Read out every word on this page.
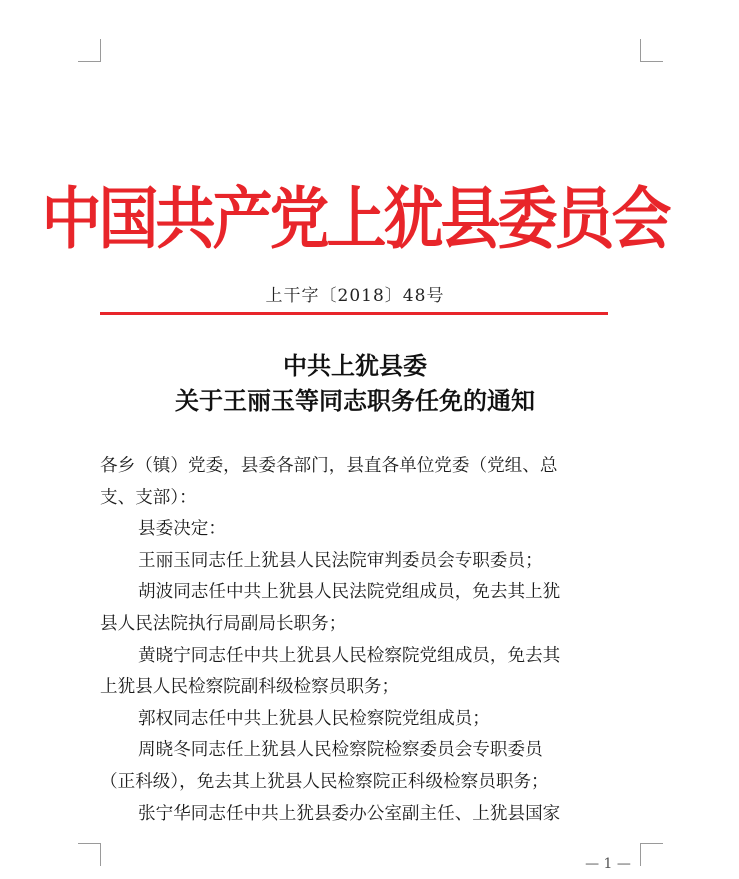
中国共产党上犹县委员会
上干字〔2018〕48号
中共上犹县委
关于王丽玉等同志职务任免的通知

各乡（镇）党委，县委各部门，县直各单位党委（党组、总

支、支部）：

县委决定：

王丽玉同志任上犹县人民法院审判委员会专职委员；

胡波同志任中共上犹县人民法院党组成员，免去其上犹

县人民法院执行局副局长职务；

黄晓宁同志任中共上犹县人民检察院党组成员，免去其

上犹县人民检察院副科级检察员职务；

郭权同志任中共上犹县人民检察院党组成员；

周晓冬同志任上犹县人民检察院检察委员会专职委员

（正科级），免去其上犹县人民检察院正科级检察员职务；

张宁华同志任中共上犹县委办公室副主任、上犹县国家

— 1 —
